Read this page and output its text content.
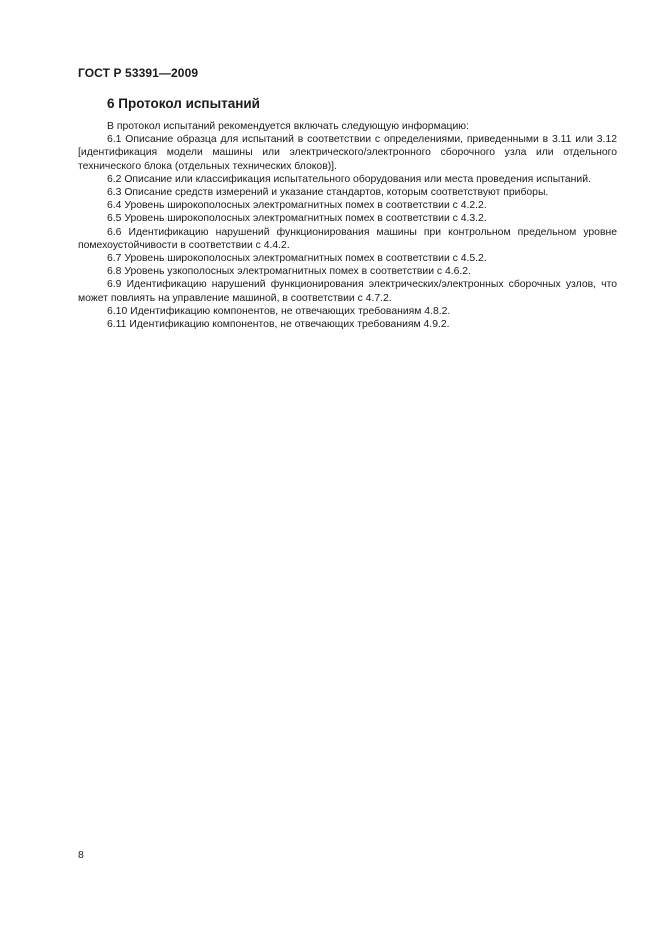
ГОСТ Р 53391—2009
6 Протокол испытаний

В протокол испытаний рекомендуется включать следующую информацию:

6.1 Описание образца для испытаний в соответствии с определениями, приведенными в 3.11 или 3.12 [идентификация модели машины или электрического/электронного сборочного узла или отдельного технического блока (отдельных технических блоков)].

6.2 Описание или классификация испытательного оборудования или места проведения испытаний.

6.3 Описание средств измерений и указание стандартов, которым соответствуют приборы.

6.4 Уровень широкополосных электромагнитных помех в соответствии с 4.2.2.

6.5 Уровень широкополосных электромагнитных помех в соответствии с 4.3.2.

6.6 Идентификацию нарушений функционирования машины при контрольном предельном уровне помехоустойчивости в соответствии с 4.4.2.

6.7 Уровень широкополосных электромагнитных помех в соответствии с 4.5.2.

6.8 Уровень узкополосных электромагнитных помех в соответствии с 4.6.2.

6.9 Идентификацию нарушений функционирования электрических/электронных сборочных узлов, что может повлиять на управление машиной, в соответствии с 4.7.2.

6.10 Идентификацию компонентов, не отвечающих требованиям 4.8.2.

6.11 Идентификацию компонентов, не отвечающих требованиям 4.9.2.

8
